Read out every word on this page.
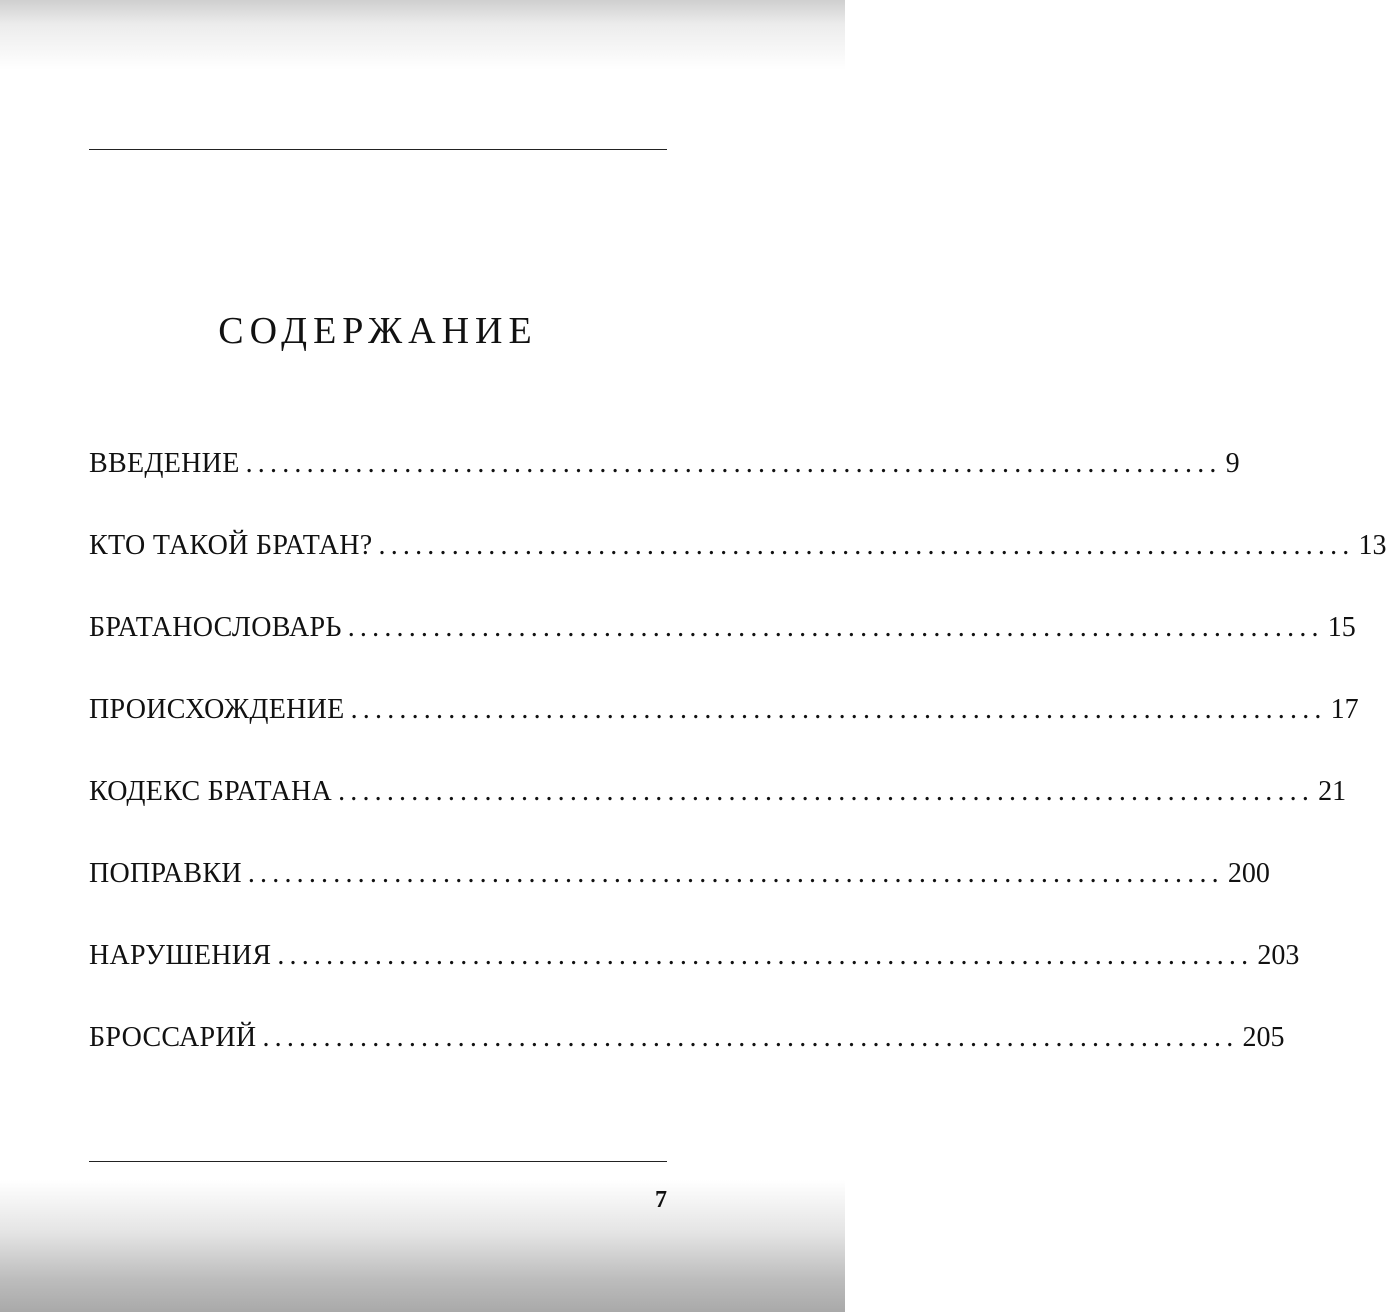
СОДЕРЖАНИЕ
ВВЕДЕНИЕ ................................................................................ 9
КТО ТАКОЙ БРАТАН? ................................................................................ 13
БРАТАНОСЛОВАРЬ ................................................................................ 15
ПРОИСХОЖДЕНИЕ ................................................................................ 17
КОДЕКС БРАТАНА ................................................................................ 21
ПОПРАВКИ ................................................................................ 200
НАРУШЕНИЯ ................................................................................ 203
БРОССАРИЙ ................................................................................ 205
7
